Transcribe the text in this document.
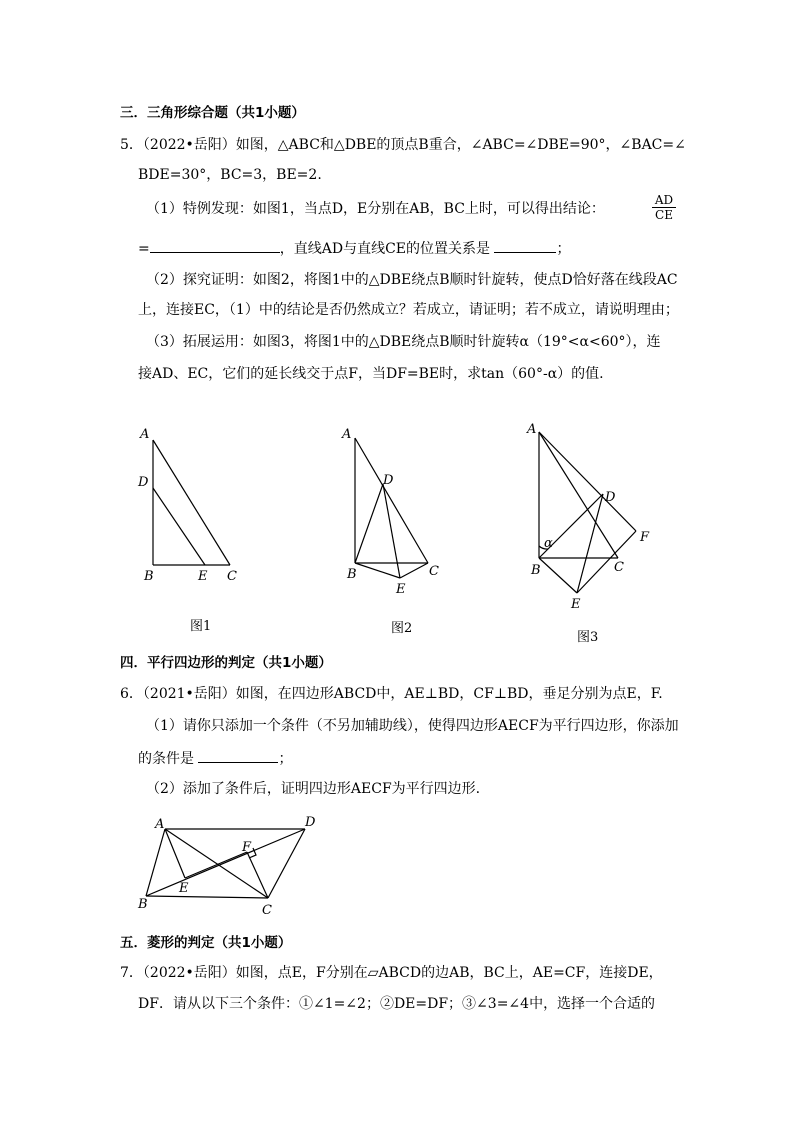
三．三角形综合题（共1小题）
5．（2022•岳阳）如图，△ABC和△DBE的顶点B重合，∠ABC=∠DBE=90°，∠BAC=∠
BDE=30°，BC=3，BE=2.
（1）特例发现：如图1，当点D，E分别在AB，BC上时，可以得出结论：
AD
CE
=	，直线AD与直线CE的位置关系是	；
（2）探究证明：如图2，将图1中的△DBE绕点B顺时针旋转，使点D恰好落在线段AC
上，连接EC，（1）中的结论是否仍然成立？若成立，请证明；若不成立，请说明理由；
（3）拓展运用：如图3，将图1中的△DBE绕点B顺时针旋转α（19°<α<60°），连
接AD、EC，它们的延长线交于点F，当DF=BE时，求tan（60°-α）的值.
A
D
B	E C
A
D
B	C
E
A
D
F
α
B	C
E
A	D
F
E
B	C
图1	图2
图3
四．平行四边形的判定（共1小题）
6．（2021•岳阳）如图，在四边形ABCD中，AE⊥BD，CF⊥BD，垂足分别为点E，F.
（1）请你只添加一个条件（不另加辅助线），使得四边形AECF为平行四边形，你添加
的条件是	；
（2）添加了条件后，证明四边形AECF为平行四边形.
五．菱形的判定（共1小题）
7．（2022•岳阳）如图，点E，F分别在▱ABCD的边AB，BC上，AE=CF，连接DE，
DF．请从以下三个条件：①∠1=∠2；②DE=DF；③∠3=∠4中，选择一个合适的
